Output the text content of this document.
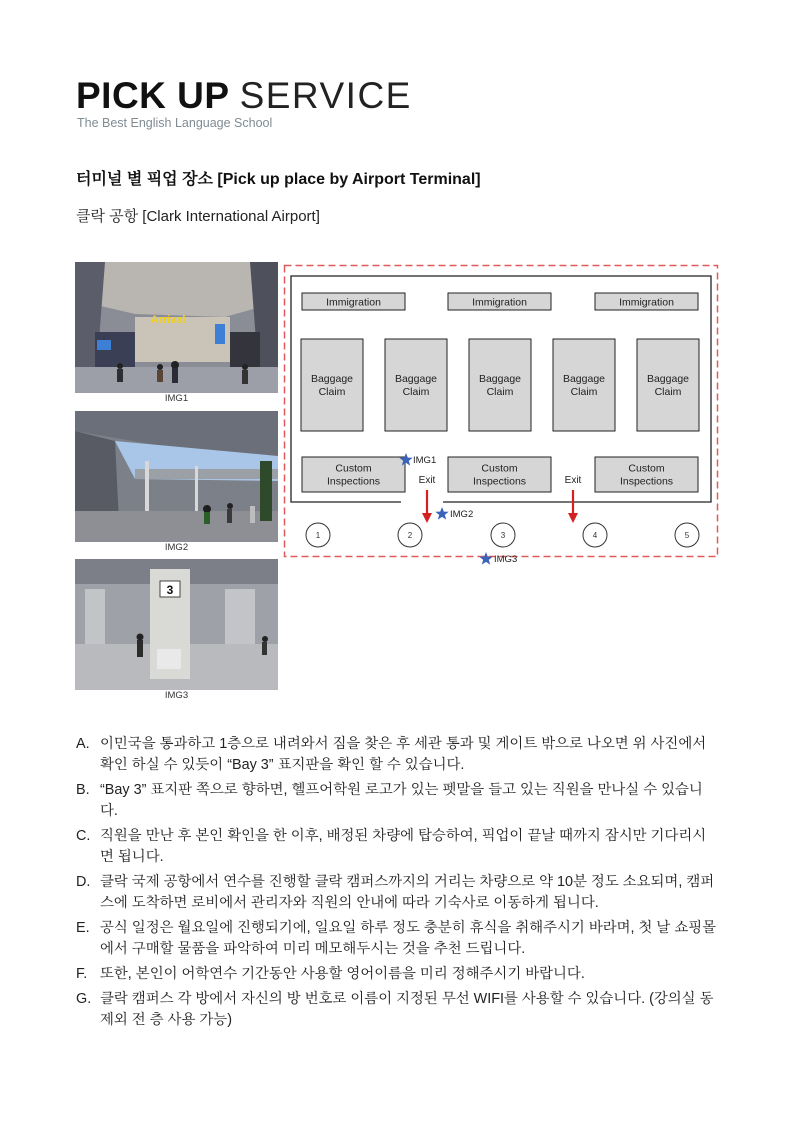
PICK UP SERVICE
The Best English Language School
터미널 별 픽업 장소 [Pick up place by Airport Terminal]
클락 공항 [Clark International Airport]
Arrival
IMG1
IMG2
3
IMG3
Immigration	Immigration	Immigration
Baggage
Claim
Baggage
Claim
Baggage
Claim
Baggage
Claim
Baggage
Claim
Custom
Inspections
Custom
Inspections
Custom
Inspections
Exit	Exit
1	2	3	4	5
IMG1
IMG2
IMG3
A. 이민국을 통과하고 1층으로 내려와서 짐을 찾은 후 세관 통과 및 게이트 밖으로 나오면 위 사진에서 확인 하실 수 있듯이 “Bay 3” 표지판을 확인 할 수 있습니다.
B. “Bay 3” 표지판 쪽으로 향하면, 헬프어학원 로고가 있는 펫말을 들고 있는 직원을 만나실 수 있습니다.
C. 직원을 만난 후 본인 확인을 한 이후, 배정된 차량에 탑승하여, 픽업이 끝날 때까지 잠시만 기다리시면 됩니다.
D. 클락 국제 공항에서 연수를 진행할 클락 캠퍼스까지의 거리는 차량으로 약 10분 정도 소요되며, 캠퍼스에 도착하면 로비에서 관리자와 직원의 안내에 따라 기숙사로 이동하게 됩니다.
E. 공식 일정은 월요일에 진행되기에, 일요일 하루 정도 충분히 휴식을 취해주시기 바라며, 첫 날 쇼핑몰에서 구매할 물품을 파악하여 미리 메모해두시는 것을 추천 드립니다.
F. 또한, 본인이 어학연수 기간동안 사용할 영어이름을 미리 정해주시기 바랍니다.
G. 클락 캠퍼스 각 방에서 자신의 방 번호로 이름이 지정된 무선 WIFI를 사용할 수 있습니다. (강의실 동 제외 전 층 사용 가능)
